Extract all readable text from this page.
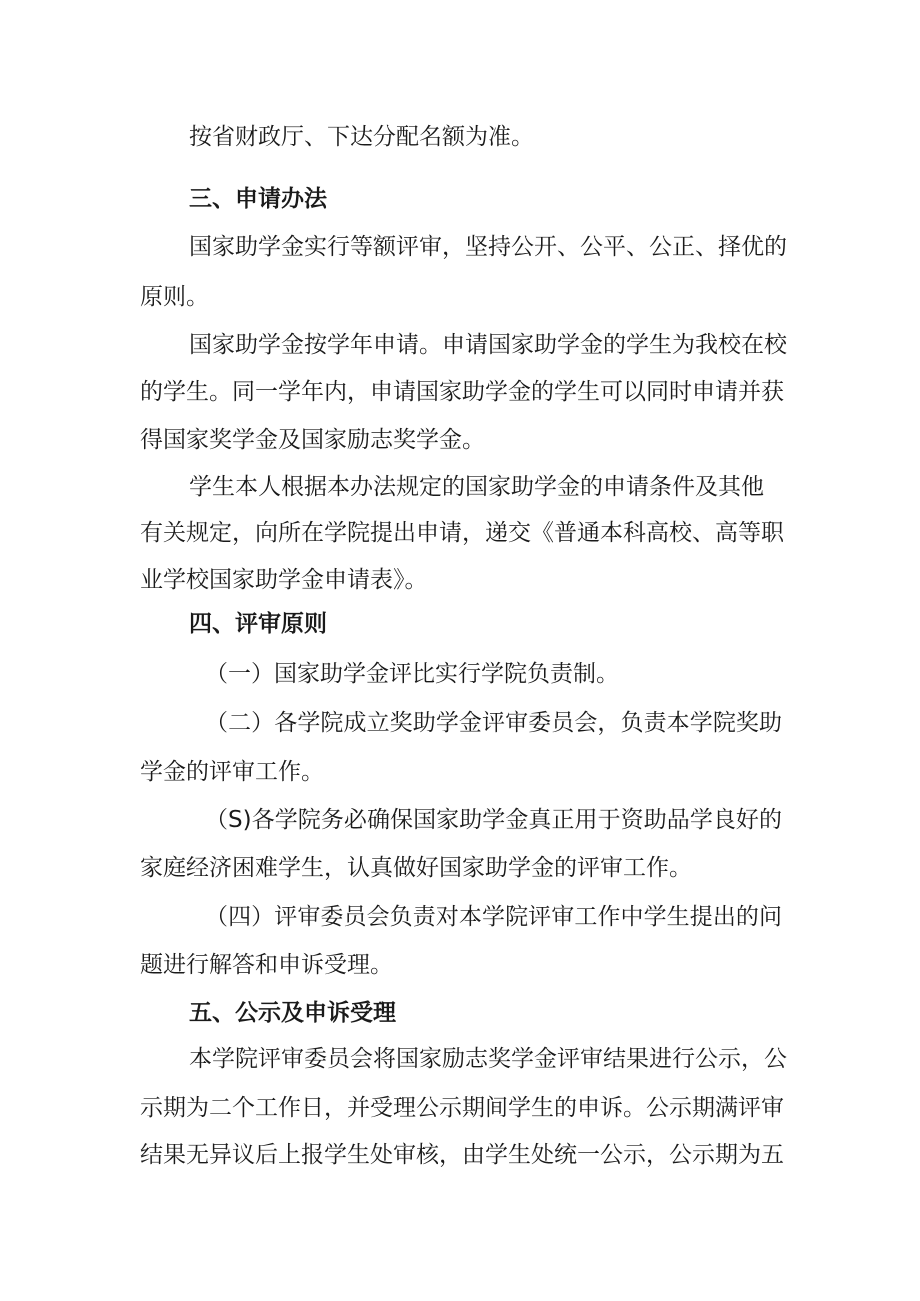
按省财政厅、下达分配名额为准。
三、申请办法
国家助学金实行等额评审，坚持公开、公平、公正、择优的
原则。
国家助学金按学年申请。申请国家助学金的学生为我校在校
的学生。同一学年内，申请国家助学金的学生可以同时申请并获
得国家奖学金及国家励志奖学金。
学生本人根据本办法规定的国家助学金的申请条件及其他
有关规定，向所在学院提出申请，递交《普通本科高校、高等职
业学校国家助学金申请表》。
四、评审原则
（一）国家助学金评比实行学院负责制。
（二）各学院成立奖助学金评审委员会，负责本学院奖助
学金的评审工作。
（S)各学院务必确保国家助学金真正用于资助品学良好的
家庭经济困难学生，认真做好国家助学金的评审工作。
（四）评审委员会负责对本学院评审工作中学生提出的问
题进行解答和申诉受理。
五、公示及申诉受理
本学院评审委员会将国家励志奖学金评审结果进行公示，公
示期为二个工作日，并受理公示期间学生的申诉。公示期满评审
结果无异议后上报学生处审核，由学生处统一公示，公示期为五
